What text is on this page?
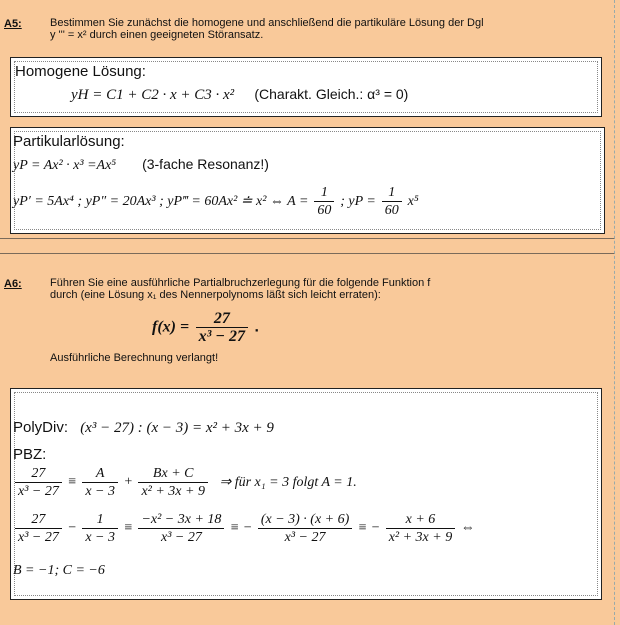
A5:	Bestimmen Sie zunächst die homogene und anschließend die partikuläre Lösung der Dgl
y ''' = x² durch einen geeigneten Störansatz.
Homogene Lösung:
yH = C1 + C2 · x + C3 · x² (Charakt. Gleich.: α³ = 0)
Partikularlösung:
yP = Ax² · x³ =Ax⁵ (3-fache Resonanz!)
yP′ = 5Ax⁴ ; yP″ = 20Ax³ ; yP‴ = 60Ax² ≐ x² ⇔ $A = \frac{1}{60}$ ; yP = $\frac{1}{60} x^5$
A6:	Führen Sie eine ausführliche Partialbruchzerlegung für die folgende Funktion f
durch (eine Lösung x₁ des Nennerpolynoms läßt sich leicht erraten):
$f(x) = \frac{27}{\text{x³ − 27}}$ .
Ausführliche Berechnung verlangt!
PolyDiv: (x³ − 27) : (x − 3) = x² + 3x + 9
PBZ:
$\frac{27}{\text{x³ − 27}} \equiv \frac{A}{x - 3} + \frac{Bx + C}{\text{x² + 3x + 9}}$ ⇒ für x₁ = 3 folgt A = 1.
$\frac{27}{\text{x³ − 27}} - \frac{1}{x - 3} \equiv \frac{\text{−x² − 3x + 18}}{\text{x³ − 27}}$ ≡ − $\frac{(x - 3) \cdot (x + 6)}{\text{x³ − 27}}$ ≡ − $\frac{x + 6}{\text{x² + 3x + 9}}$ ⇔
B = −1; C = −6
